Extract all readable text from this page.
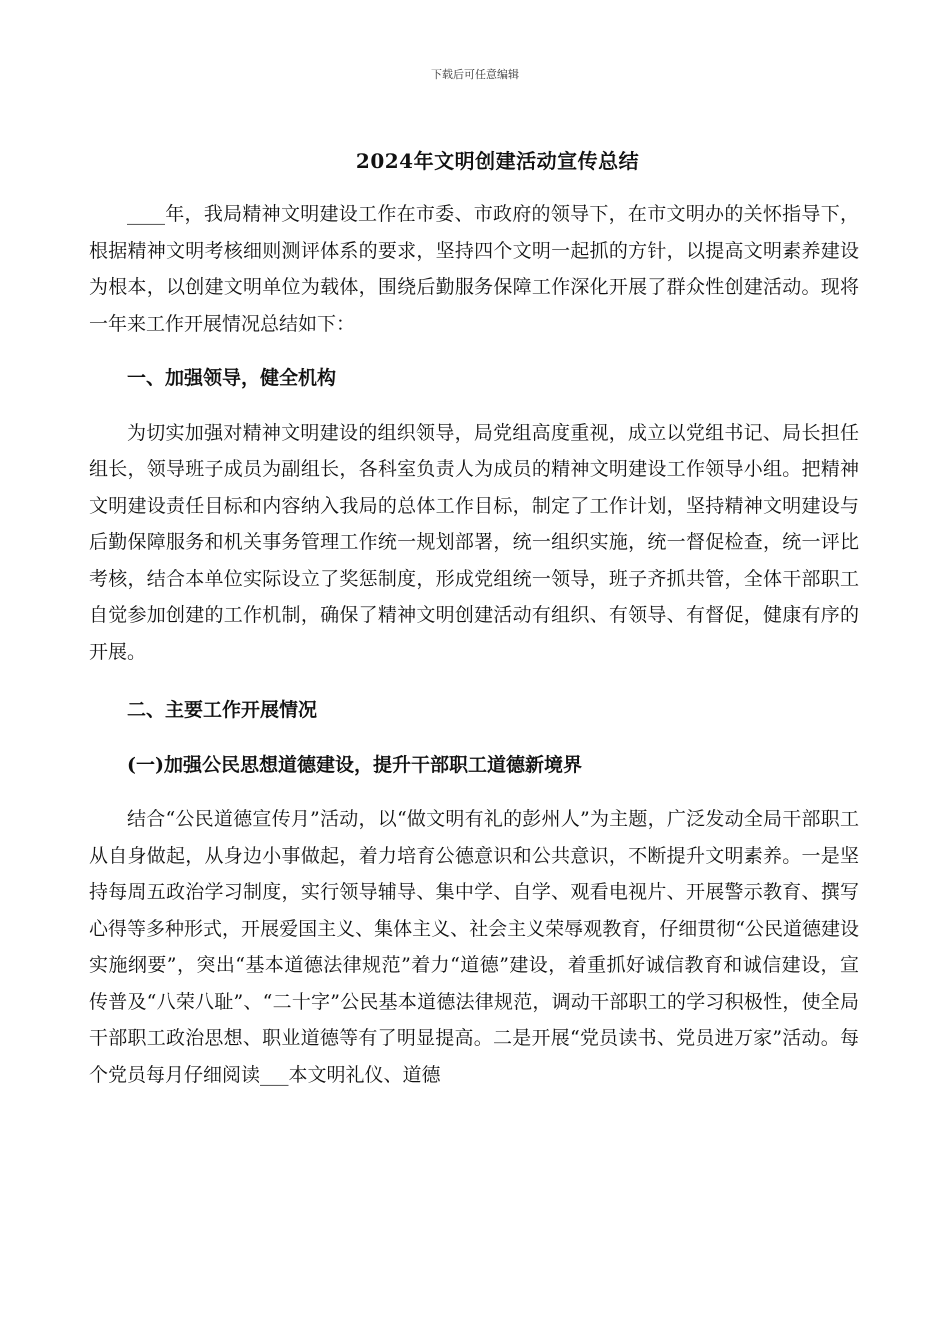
下载后可任意编辑
2024年文明创建活动宣传总结

____年，我局精神文明建设工作在市委、市政府的领导下，在市文明办的关怀指导下，根据精神文明考核细则测评体系的要求，坚持四个文明一起抓的方针，以提高文明素养建设为根本，以创建文明单位为载体，围绕后勤服务保障工作深化开展了群众性创建活动。现将一年来工作开展情况总结如下：

一、加强领导，健全机构

为切实加强对精神文明建设的组织领导，局党组高度重视，成立以党组书记、局长担任组长，领导班子成员为副组长，各科室负责人为成员的精神文明建设工作领导小组。把精神文明建设责任目标和内容纳入我局的总体工作目标，制定了工作计划，坚持精神文明建设与后勤保障服务和机关事务管理工作统一规划部署，统一组织实施，统一督促检查，统一评比考核，结合本单位实际设立了奖惩制度，形成党组统一领导，班子齐抓共管，全体干部职工自觉参加创建的工作机制，确保了精神文明创建活动有组织、有领导、有督促，健康有序的开展。

二、主要工作开展情况

(一)加强公民思想道德建设，提升干部职工道德新境界

结合“公民道德宣传月”活动，以“做文明有礼的彭州人”为主题，广泛发动全局干部职工从自身做起，从身边小事做起，着力培育公德意识和公共意识，不断提升文明素养。一是坚持每周五政治学习制度，实行领导辅导、集中学、自学、观看电视片、开展警示教育、撰写心得等多种形式，开展爱国主义、集体主义、社会主义荣辱观教育，仔细贯彻“公民道德建设实施纲要”，突出“基本道德法律规范”着力“道德”建设，着重抓好诚信教育和诚信建设，宣传普及“八荣八耻”、“二十字”公民基本道德法律规范，调动干部职工的学习积极性，使全局干部职工政治思想、职业道德等有了明显提高。二是开展“党员读书、党员进万家”活动。每个党员每月仔细阅读___本文明礼仪、道德
